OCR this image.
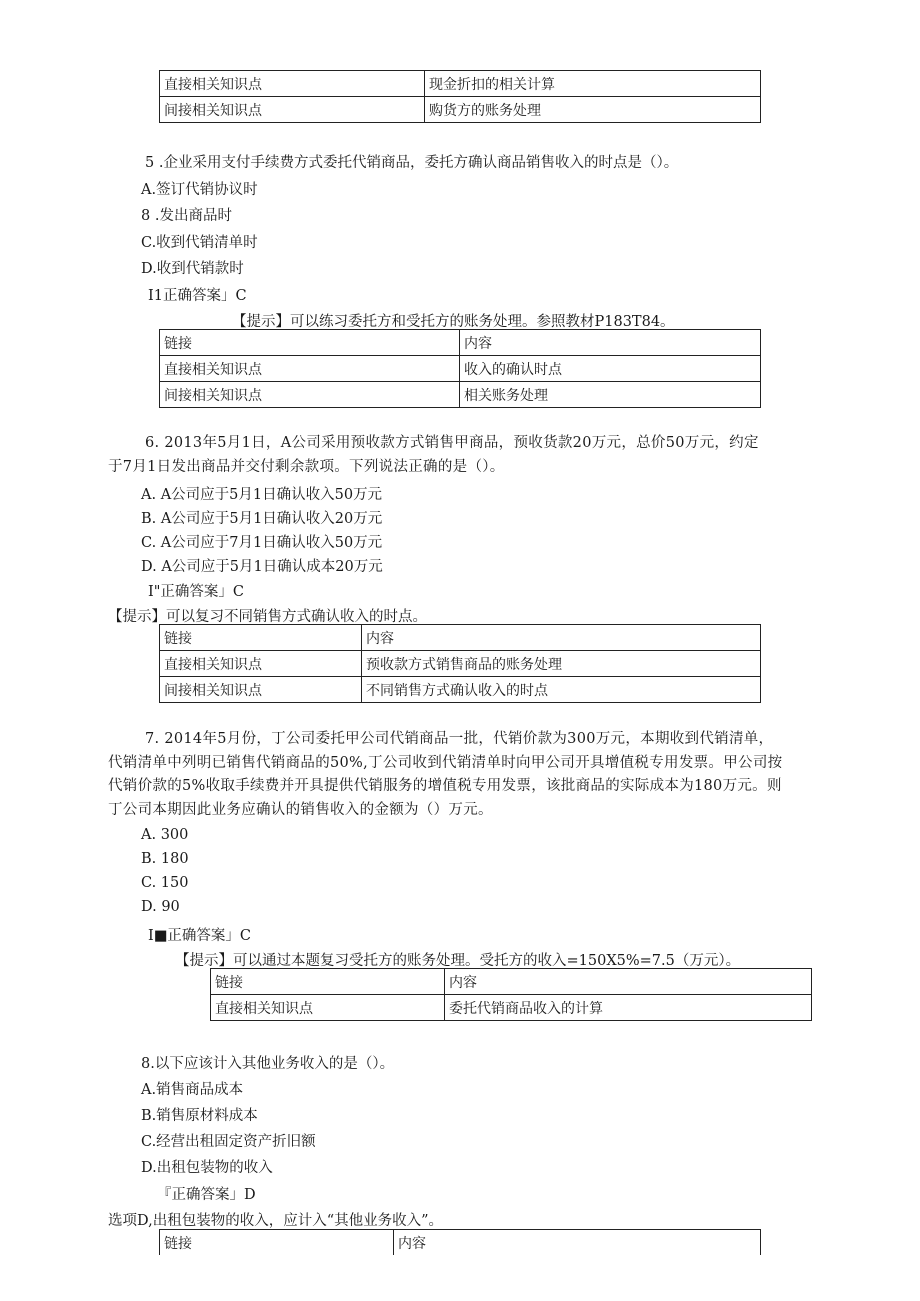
直接相关知识点	现金折扣的相关计算
间接相关知识点	购货方的账务处理
5 .企业采用支付手续费方式委托代销商品，委托方确认商品销售收入的时点是（）。
A.签订代销协议时
8 .发出商品时
C.收到代销清单时
D.收到代销款时
I1正确答案」C
【提示】可以练习委托方和受托方的账务处理。参照教材P183T84。
链接	内容
直接相关知识点	收入的确认时点
间接相关知识点	相关账务处理
6. 2013年5月1日，A公司采用预收款方式销售甲商品，预收货款20万元，总价50万元，约定
于7月1日发出商品并交付剩余款项。下列说法正确的是（）。
A. A公司应于5月1日确认收入50万元
B. A公司应于5月1日确认收入20万元
C. A公司应于7月1日确认收入50万元
D. A公司应于5月1日确认成本20万元
I"正确答案」C
【提示】可以复习不同销售方式确认收入的时点。
链接	内容
直接相关知识点	预收款方式销售商品的账务处理
间接相关知识点	不同销售方式确认收入的时点
7. 2014年5月份，丁公司委托甲公司代销商品一批，代销价款为300万元，本期收到代销清单，
代销清单中列明已销售代销商品的50%,丁公司收到代销清单时向甲公司开具增值税专用发票。甲公司按
代销价款的5%收取手续费并开具提供代销服务的增值税专用发票，该批商品的实际成本为180万元。则
丁公司本期因此业务应确认的销售收入的金额为（）万元。
A. 300
B. 180
C. 150
D. 90
I■正确答案」C
【提示】可以通过本题复习受托方的账务处理。受托方的收入=150X5%=7.5（万元）。
链接	内容
直接相关知识点	委托代销商品收入的计算
8.以下应该计入其他业务收入的是（）。
A.销售商品成本
B.销售原材料成本
C.经营出租固定资产折旧额
D.出租包装物的收入
『正确答案」D
选项D,出租包装物的收入，应计入“其他业务收入”。
链接	内容
